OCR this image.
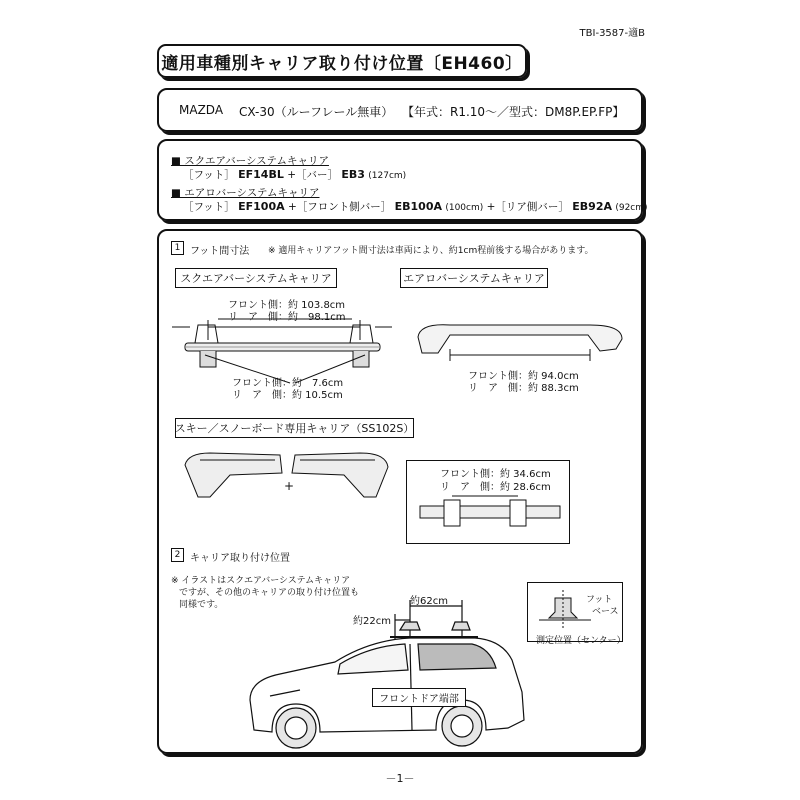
TBI-3587-適B
適用車種別キャリア取り付け位置〔EH460〕
MAZDA CX-30（ルーフレール無車） 【年式：R1.10～／型式：DM8P.EP.FP】
■ スクエアバーシステムキャリア
［フット］ EF14BL +［バー］ EB3 (127cm)
■ エアロバーシステムキャリア
［フット］ EF100A +［フロント側バー］ EB100A (100cm) +［リア側バー］ EB92A (92cm)
1 フット間寸法 ※ 適用キャリアフット間寸法は車両により、約1cm程前後する場合があります。
スクエアバーシステムキャリア	エアロバーシステムキャリア
フロント側：約 103.8cm
リ　ア　側：約　98.1cm
フロント側：約　7.6cm
リ　ア　側：約 10.5cm
フロント側：約 94.0cm
リ　ア　側：約 88.3cm
スキー／スノーボード専用キャリア（SS102S）
+
フロント側：約 34.6cm
リ　ア　側：約 28.6cm
2 キャリア取り付け位置
※ イラストはスクエアバーシステムキャリア
ですが、その他のキャリアの取り付け位置も
同様です。	約62cm
約22cm
フット
ベース
測定位置（センター）
フロントドア端部
－1－
